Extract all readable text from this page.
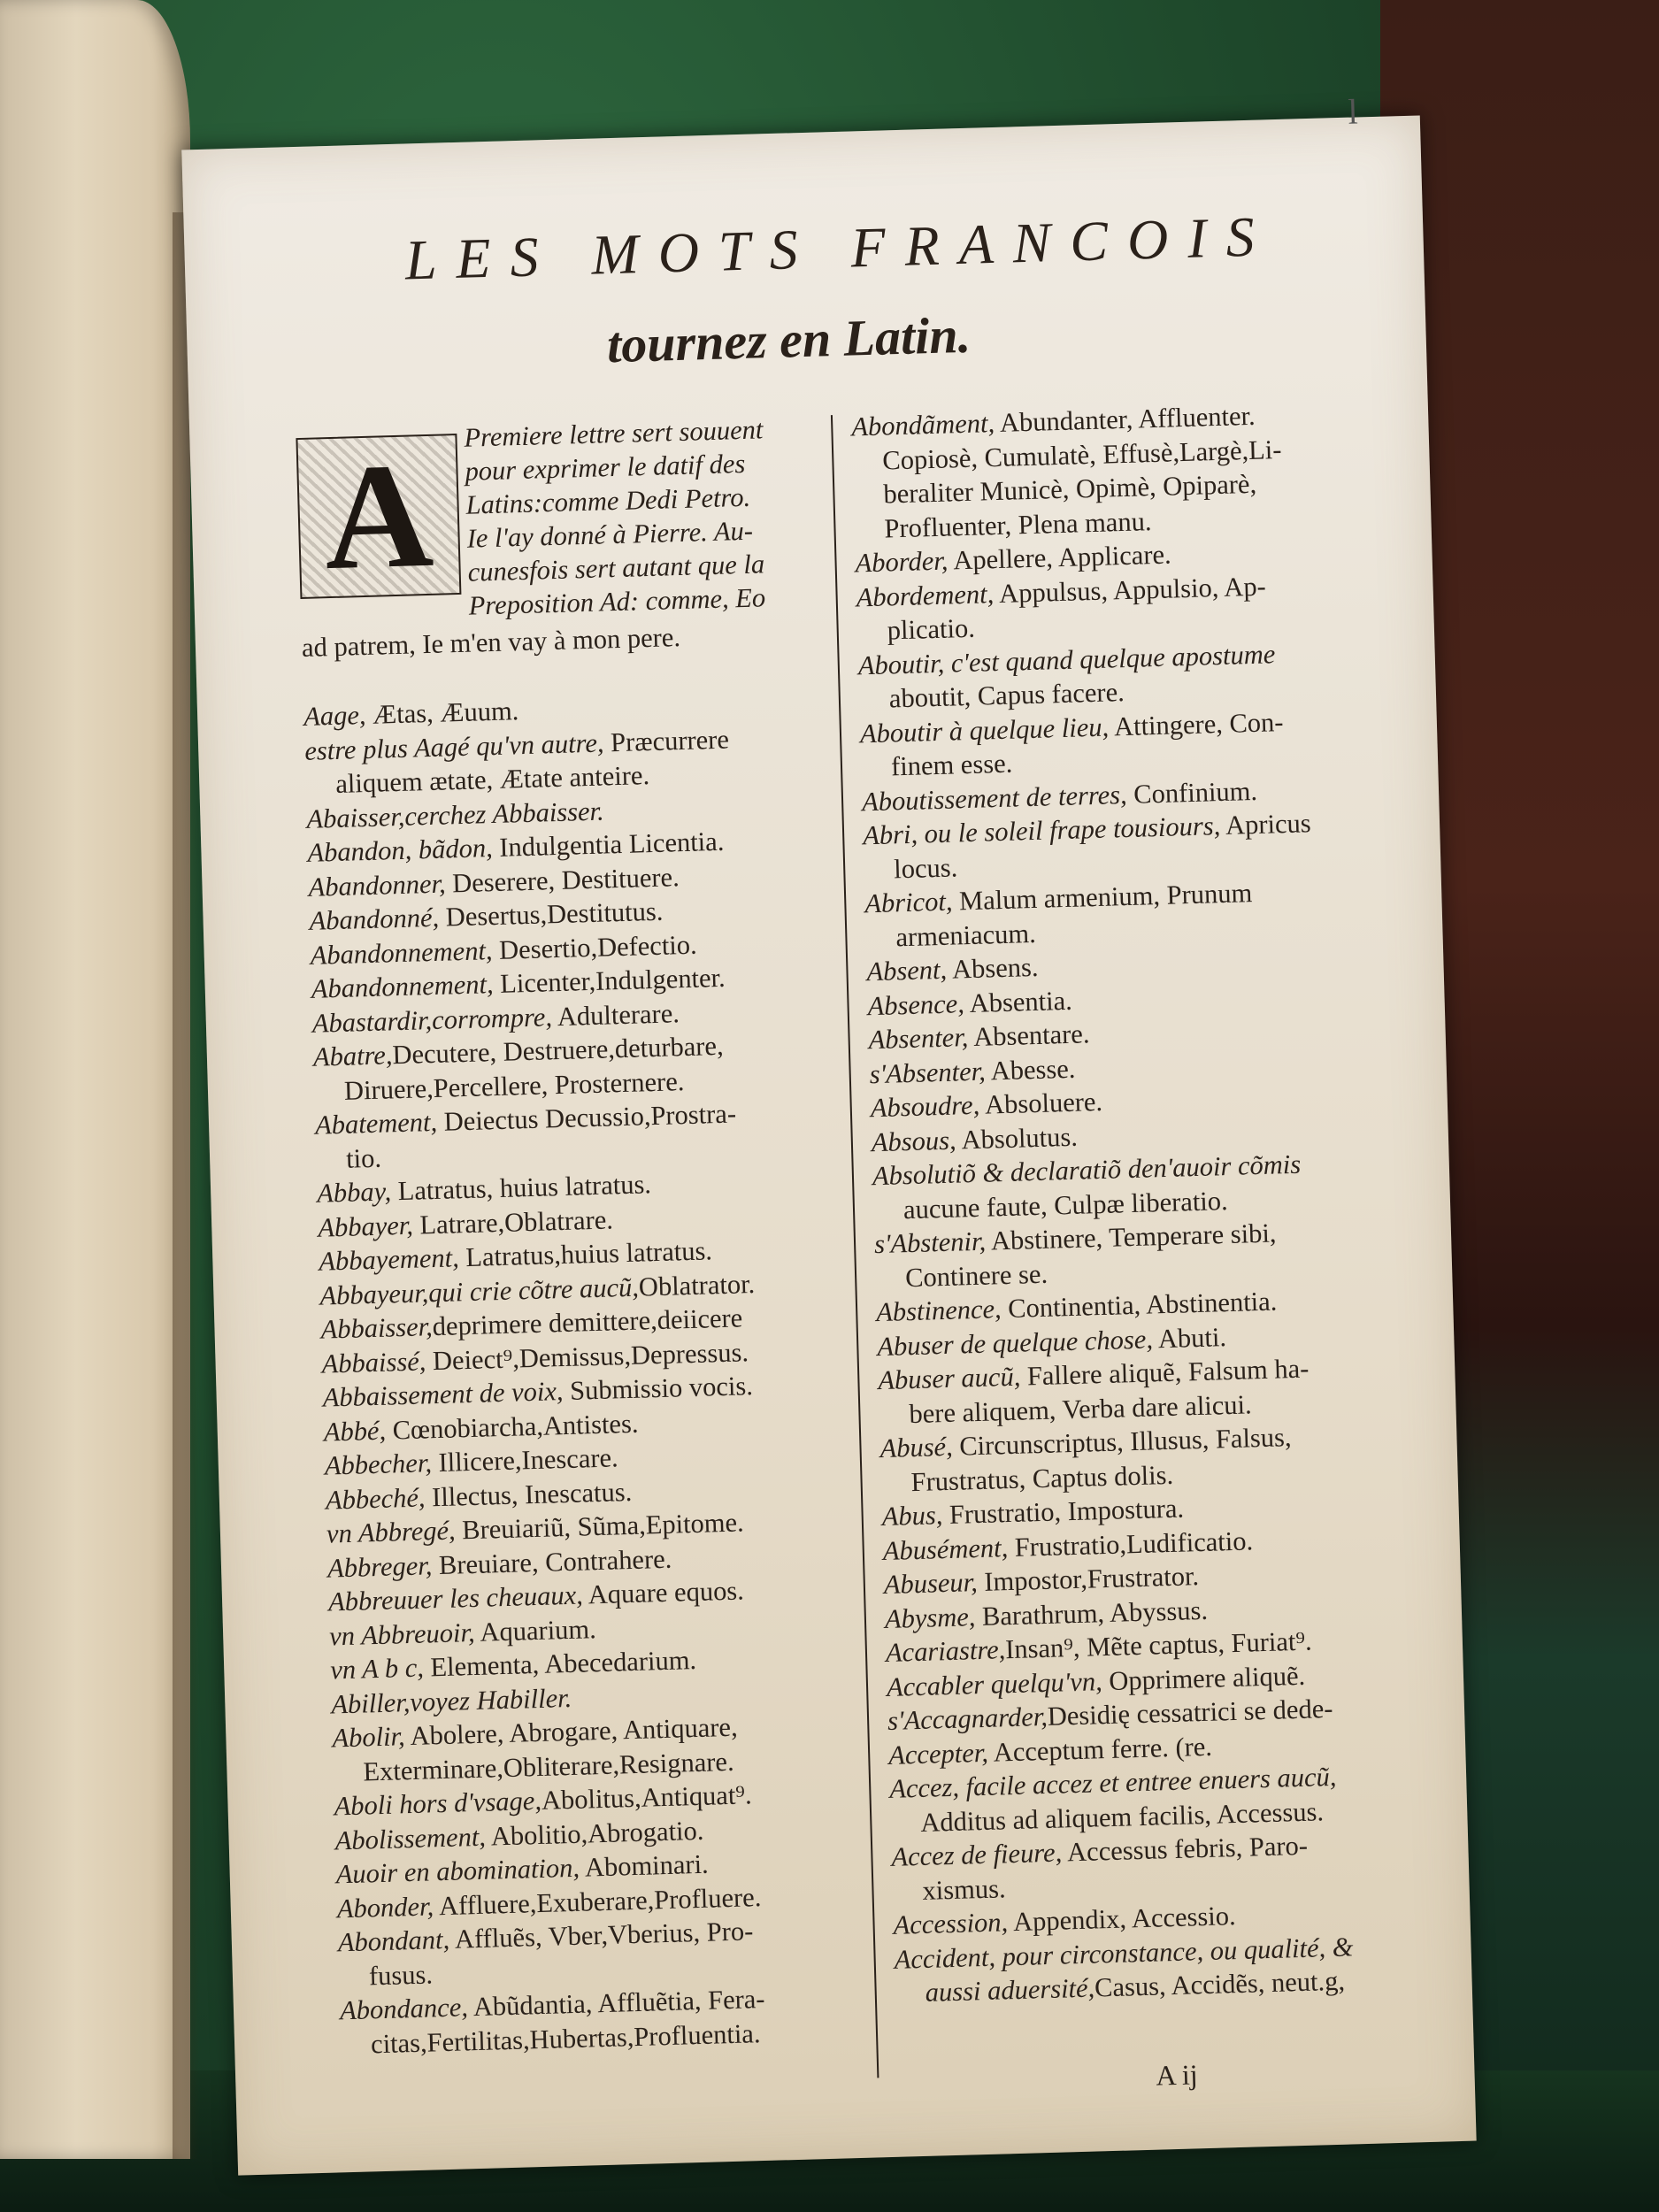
l
LES MOTS FRANCOIS
tournez en Latin.
A	Premiere lettre sert souuent
pour exprimer le datif des
Latins:comme Dedi Petro.
Ie l'ay donné à Pierre. Au-
cunesfois sert autant que la
Preposition Ad: comme, Eo
ad patrem, Ie m'en vay à mon pere.

Aage, Ætas, Æuum.

estre plus Aagé qu'vn autre, Præcurrere

aliquem ætate, Ætate anteire.

Abaisser,cerchez Abbaisser.

Abandon, bãdon, Indulgentia Licentia.

Abandonner, Deserere, Destituere.

Abandonné, Desertus,Destitutus.

Abandonnement, Desertio,Defectio.

Abandonnement, Licenter,Indulgenter.

Abastardir,corrompre, Adulterare.

Abatre,Decutere, Destruere,deturbare,

Diruere,Percellere, Prosternere.

Abatement, Deiectus Decussio,Prostra-

tio.

Abbay, Latratus, huius latratus.

Abbayer, Latrare,Oblatrare.

Abbayement, Latratus,huius latratus.

Abbayeur,qui crie cõtre aucũ,Oblatrator.

Abbaisser,deprimere demittere,deiicere

Abbaissé, Deiect⁹,Demissus,Depressus.

Abbaissement de voix, Submissio vocis.

Abbé, Cœnobiarcha,Antistes.

Abbecher, Illicere,Inescare.

Abbeché, Illectus, Inescatus.

vn Abbregé, Breuiariũ, Sũma,Epitome.

Abbreger, Breuiare, Contrahere.

Abbreuuer les cheuaux, Aquare equos.

vn Abbreuoir, Aquarium.

vn A b c, Elementa, Abecedarium.

Abiller,voyez Habiller.

Abolir, Abolere, Abrogare, Antiquare,

Exterminare,Obliterare,Resignare.

Aboli hors d'vsage,Abolitus,Antiquat⁹.

Abolissement, Abolitio,Abrogatio.

Auoir en abomination, Abominari.

Abonder, Affluere,Exuberare,Profluere.

Abondant, Affluẽs, Vber,Vberius, Pro-

fusus.

Abondance, Abũdantia, Affluẽtia, Fera-

citas,Fertilitas,Hubertas,Profluentia.

Abondãment, Abundanter, Affluenter.

Copiosè, Cumulatè, Effusè,Largè,Li-

beraliter Municè, Opimè, Opiparè,

Profluenter, Plena manu.

Aborder, Apellere, Applicare.

Abordement, Appulsus, Appulsio, Ap-

plicatio.

Aboutir, c'est quand quelque apostume

aboutit, Capus facere.

Aboutir à quelque lieu, Attingere, Con-

finem esse.

Aboutissement de terres, Confinium.

Abri, ou le soleil frape tousiours, Apricus

locus.

Abricot, Malum armenium, Prunum

armeniacum.

Absent, Absens.

Absence, Absentia.

Absenter, Absentare.

s'Absenter, Abesse.

Absoudre, Absoluere.

Absous, Absolutus.

Absolutiõ & declaratiõ den'auoir cõmis

aucune faute, Culpæ liberatio.

s'Abstenir, Abstinere, Temperare sibi,

Continere se.

Abstinence, Continentia, Abstinentia.

Abuser de quelque chose, Abuti.

Abuser aucũ, Fallere aliquẽ, Falsum ha-

bere aliquem, Verba dare alicui.

Abusé, Circunscriptus, Illusus, Falsus,

Frustratus, Captus dolis.

Abus, Frustratio, Impostura.

Abusément, Frustratio,Ludificatio.

Abuseur, Impostor,Frustrator.

Abysme, Barathrum, Abyssus.

Acariastre,Insan⁹, Mẽte captus, Furiat⁹.

Accabler quelqu'vn, Opprimere aliquẽ.

s'Accagnarder,Desidię cessatrici se dede-

Accepter, Acceptum ferre. (re.

Accez, facile accez et entree enuers aucũ,

Additus ad aliquem facilis, Accessus.

Accez de fieure, Accessus febris, Paro-

xismus.

Accession, Appendix, Accessio.

Accident, pour circonstance, ou qualité, &

aussi aduersité,Casus, Accidẽs, neut.g,

A ij
